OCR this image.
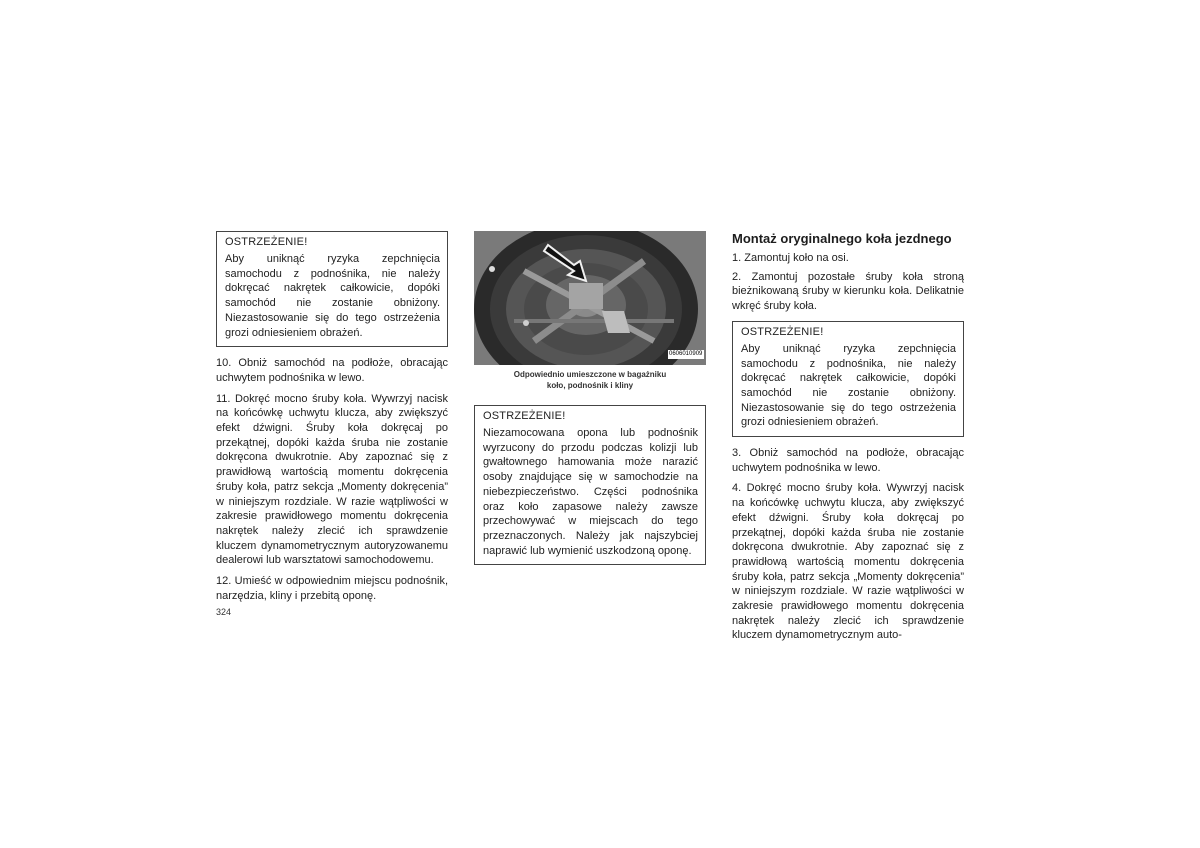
OSTRZEŻENIE!
Aby uniknąć ryzyka zepchnięcia samochodu z podnośnika, nie należy dokręcać nakrętek całkowicie, dopóki samochód nie zostanie obniżony. Niezastosowanie się do tego ostrzeżenia grozi odniesieniem obrażeń.

10. Obniż samochód na podłoże, obracając uchwytem podnośnika w lewo.

11. Dokręć mocno śruby koła. Wywrzyj nacisk na końcówkę uchwytu klucza, aby zwiększyć efekt dźwigni. Śruby koła dokręcaj po przekątnej, dopóki każda śruba nie zostanie dokręcona dwukrotnie. Aby zapoznać się z prawidłową wartością momentu dokręcenia śruby koła, patrz sekcja „Momenty dokręcenia” w niniejszym rozdziale. W razie wątpliwości w zakresie prawidłowego momentu dokręcenia nakrętek należy zlecić ich sprawdzenie kluczem dynamometrycznym autoryzowanemu dealerowi lub warsztatowi samochodowemu.

12. Umieść w odpowiednim miejscu podnośnik, narzędzia, kliny i przebitą oponę.

0606010909
Odpowiednio umieszczone w bagażniku koło, podnośnik i kliny
OSTRZEŻENIE!
Niezamocowana opona lub podnośnik wyrzucony do przodu podczas kolizji lub gwałtownego hamowania może narazić osoby znajdujące się w samochodzie na niebezpieczeństwo. Części podnośnika oraz koło zapasowe należy zawsze przechowywać w miejscach do tego przeznaczonych. Należy jak najszybciej naprawić lub wymienić uszkodzoną oponę.
Montaż oryginalnego koła jezdnego

1. Zamontuj koło na osi.

2. Zamontuj pozostałe śruby koła stroną bieżnikowaną śruby w kierunku koła. Delikatnie wkręć śruby koła.

OSTRZEŻENIE!
Aby uniknąć ryzyka zepchnięcia samochodu z podnośnika, nie należy dokręcać nakrętek całkowicie, dopóki samochód nie zostanie obniżony. Niezastosowanie się do tego ostrzeżenia grozi odniesieniem obrażeń.

3. Obniż samochód na podłoże, obracając uchwytem podnośnika w lewo.

4. Dokręć mocno śruby koła. Wywrzyj nacisk na końcówkę uchwytu klucza, aby zwiększyć efekt dźwigni. Śruby koła dokręcaj po przekątnej, dopóki każda śruba nie zostanie dokręcona dwukrotnie. Aby zapoznać się z prawidłową wartością momentu dokręcenia śruby koła, patrz sekcja „Momenty dokręcenia” w niniejszym rozdziale. W razie wątpliwości w zakresie prawidłowego momentu dokręcenia nakrętek należy zlecić ich sprawdzenie kluczem dynamometrycznym auto-

324
